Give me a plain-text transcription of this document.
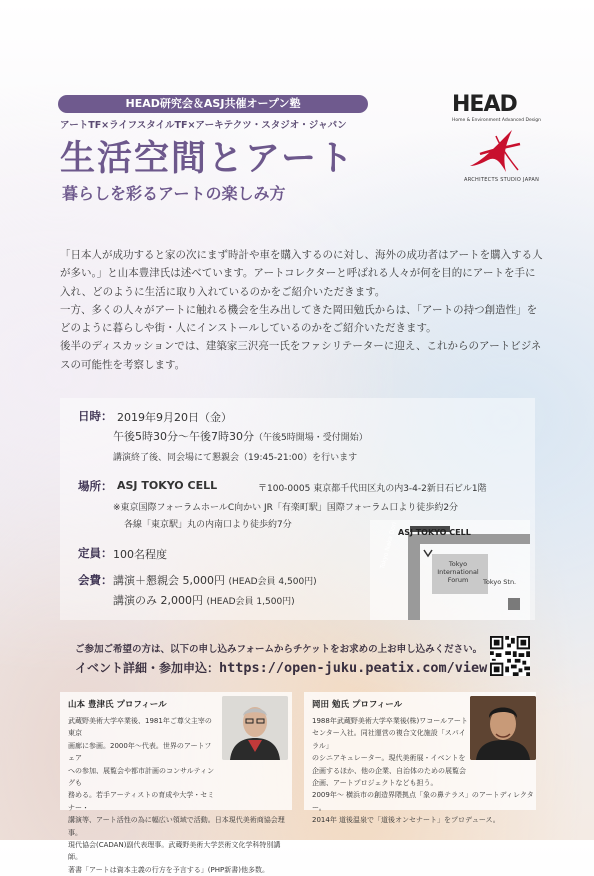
HEAD研究会＆ASJ共催オープン塾
アートTF×ライフスタイルTF×アーキテクツ・スタジオ・ジャパン
生活空間とアート
暮らしを彩るアートの楽しみ方
HEAD
Home & Environment Advanced Design
ARCHITECTS STUDIO JAPAN

「日本人が成功すると家の次にまず時計や車を購入するのに対し、海外の成功者はアートを購入する人が多い。」と山本豊津氏は述べています。アートコレクターと呼ばれる人々が何を目的にアートを手に入れ、どのように生活に取り入れているのかをご紹介いただきます。

一方、多くの人々がアートに触れる機会を生み出してきた岡田勉氏からは、「アートの持つ創造性」をどのように暮らしや街・人にインストールしているのかをご紹介いただきます。

後半のディスカッションでは、建築家三沢亮一氏をファシリテーターに迎え、これからのアートビジネスの可能性を考察します。

日時： 2019年9月20日（金）
午後5時30分～午後7時30分（午後5時開場・受付開始）
講演終了後、同会場にて懇親会（19:45-21:00）を行います
場所： ASJ TOKYO CELL	〒100-0005 東京都千代田区丸の内3-4-2新日石ビル1階
※東京国際フォーラムホールC向かい JR「有楽町駅」国際フォーラム口より徒歩約2分
各線「東京駅」丸の内南口より徒歩約7分
定員： 100名程度
会費： 講演＋懇親会 5,000円 (HEAD会員 4,500円)
講演のみ 2,000円 (HEAD会員 1,500円)
ASJ TOKYO CELL
Tokyo Naka Dori	Tokyo International Forum	Tokyo Stn.
ご参加ご希望の方は、以下の申し込みフォームからチケットをお求めの上お申し込みください。
イベント詳細・参加申込：https://open-juku.peatix.com/view
山本 豊津氏 プロフィール
武蔵野美術大学卒業後、1981年ご尊父主宰の東京
画廊に参画。2000年〜代表。世界のアートフェア
への参加、展覧会や都市計画のコンサルティングも
務める。若手アーティストの育成や大学・セミナー・
講演等、アート活性の為に幅広い領域で活動。日本現代美術商協会理事。
現代協会(CADAN)副代表理事。武蔵野美術大学芸術文化学科特別講師。
著書「アートは資本主義の行方を予言する」(PHP新書)他多数。
岡田 勉氏 プロフィール
1988年武蔵野美術大学卒業後(株)ワコールアート
センター入社。同社運営の複合文化施設「スパイラル」
のシニアキュレーター。現代美術展・イベントを
企画するほか、他の企業、自治体のための展覧会
企画、アートプロジェクトなども担う。
2009年〜 横浜市の創造界隈拠点「象の鼻テラス」のアートディレクター。
2014年 道後温泉で「道後オンセナート」をプロデュース。
